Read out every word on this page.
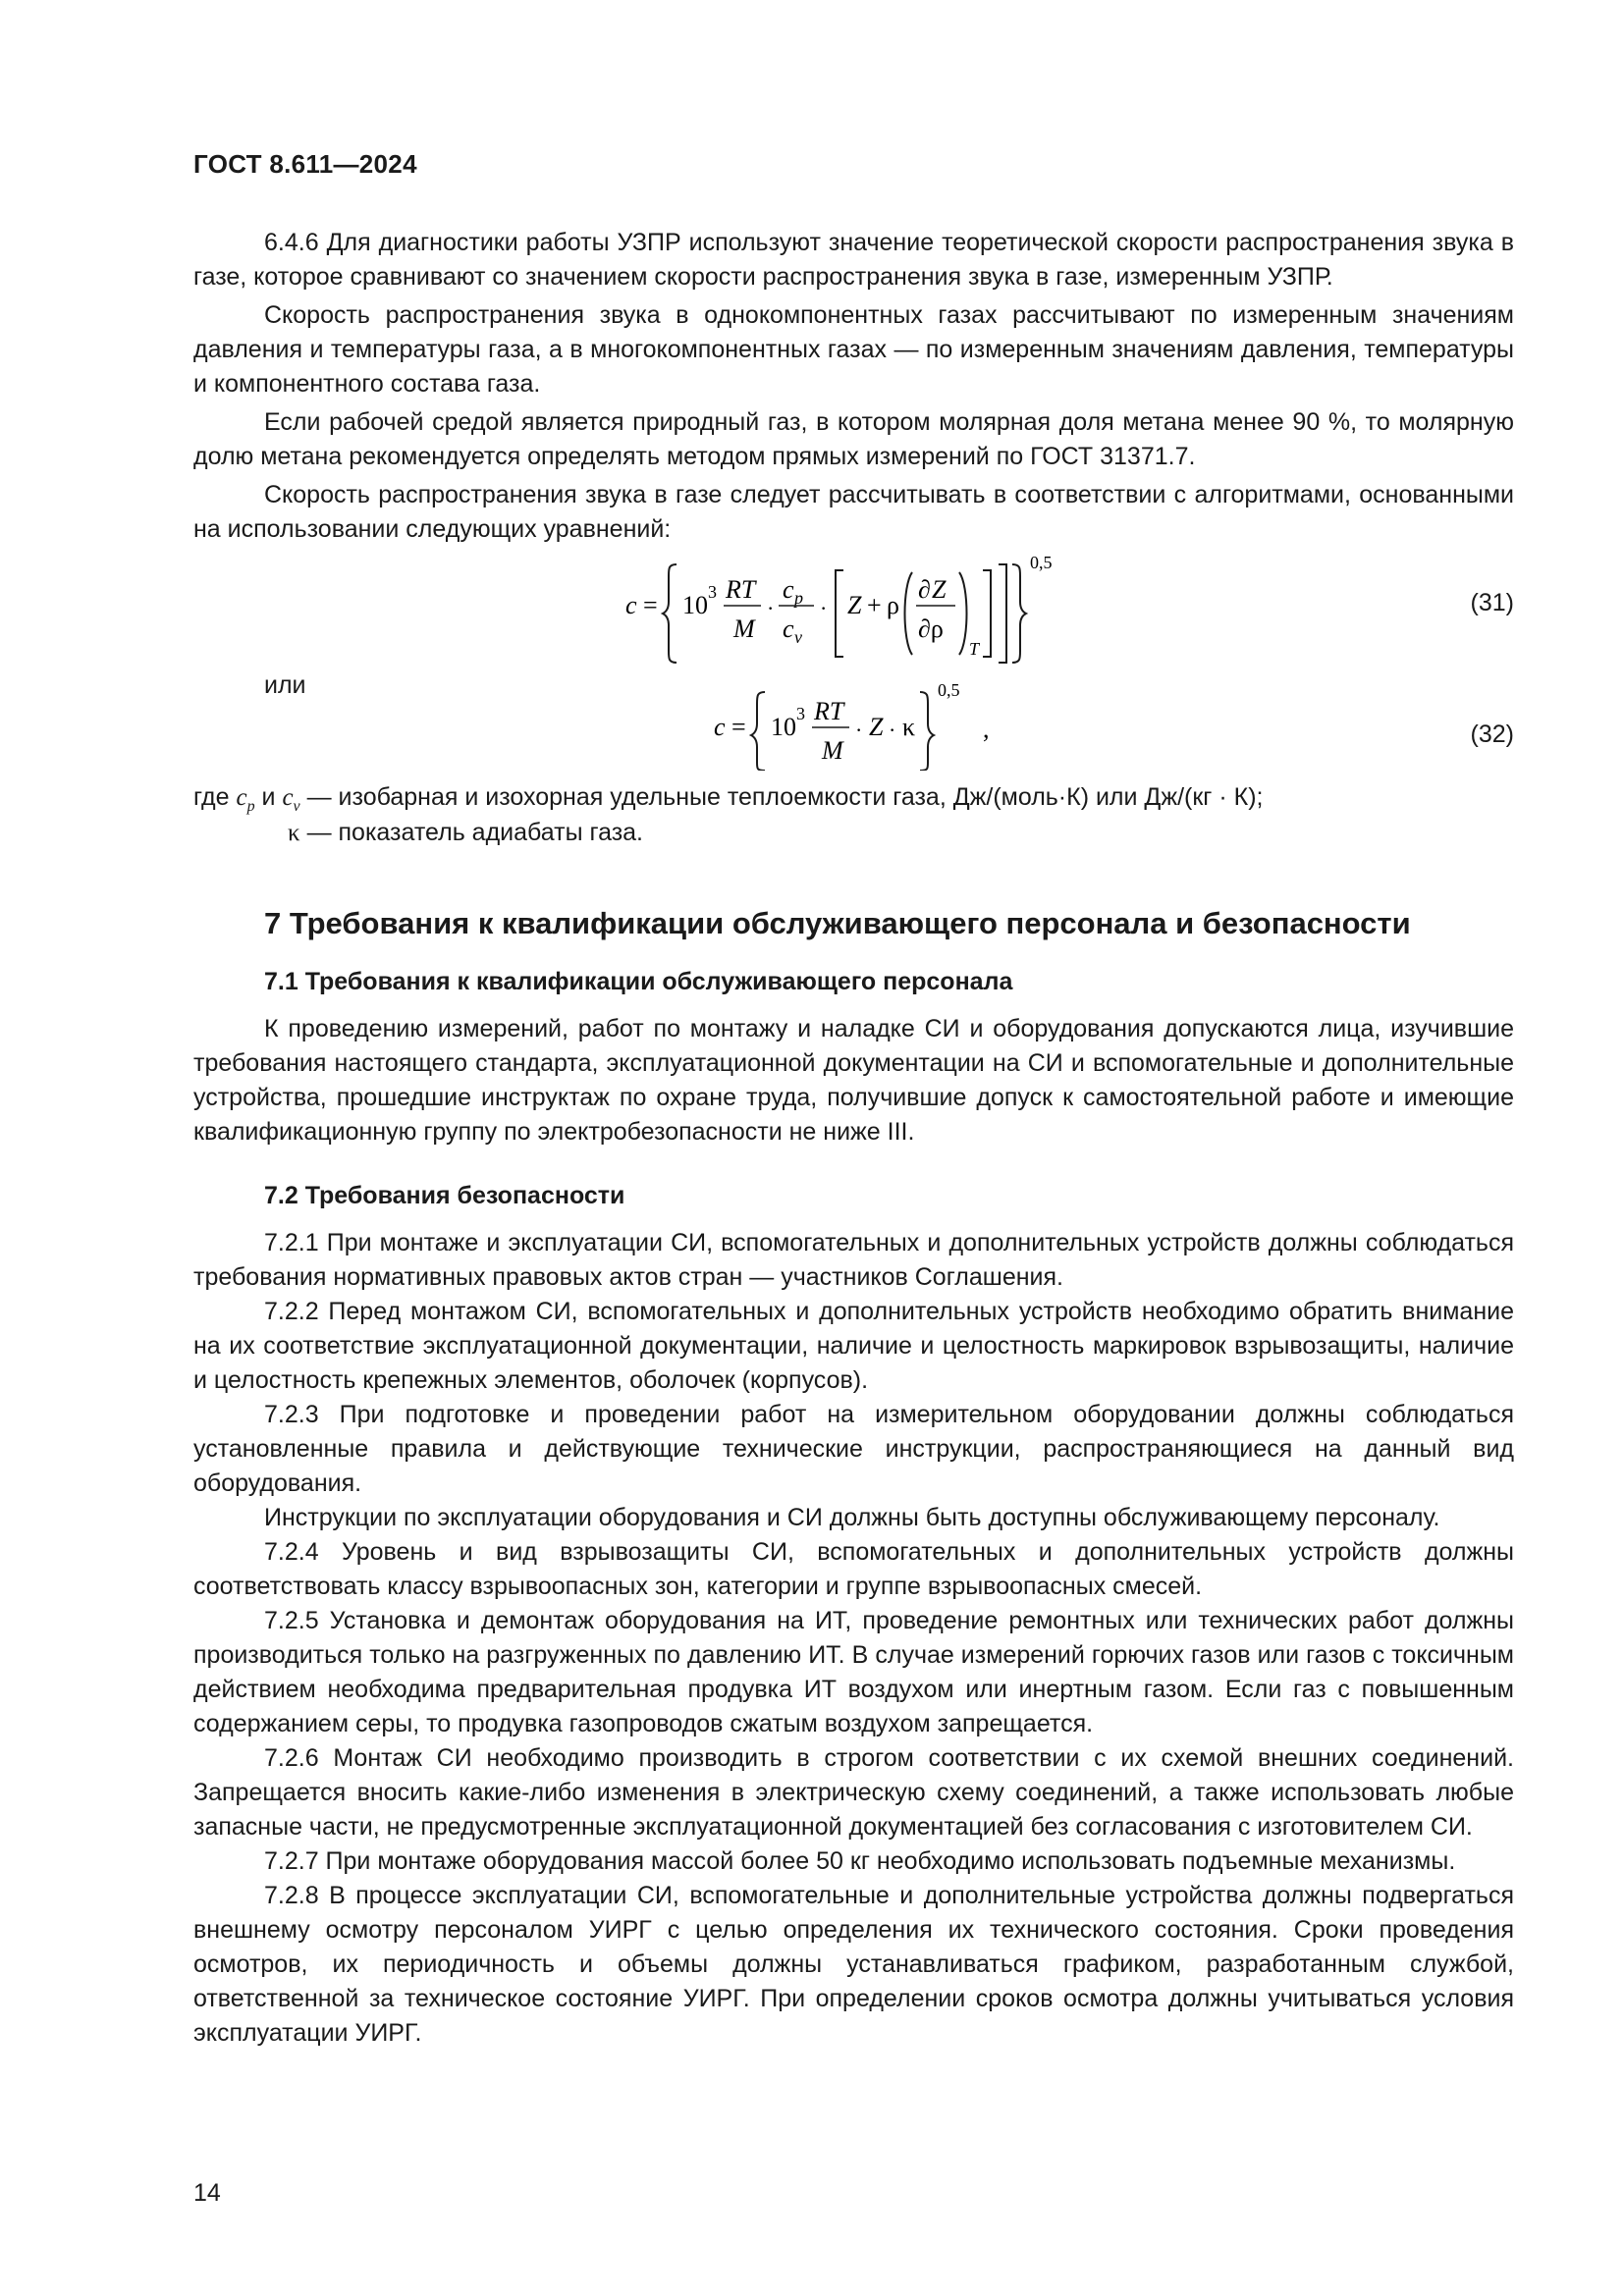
ГОСТ 8.611—2024

6.4.6 Для диагностики работы УЗПР используют значение теоретической скорости распространения звука в газе, которое сравнивают со значением скорости распространения звука в газе, измеренным УЗПР.

Скорость распространения звука в однокомпонентных газах рассчитывают по измеренным значениям давления и температуры газа, а в многокомпонентных газах — по измеренным значениям давления, температуры и компонентного состава газа.

Если рабочей средой является природный газ, в котором молярная доля метана менее 90 %, то молярную долю метана рекомендуется определять методом прямых измерений по ГОСТ 31371.7.

Скорость распространения звука в газе следует рассчитывать в соответствии с алгоритмами, основанными на использовании следующих уравнений:

c = 10 3 RT
M
·
c p
c v
· Z + ρ
∂ Z
∂ρ
T
0,5
(31)
или
c = 10 3 RT
M
· Z · κ
0,5
,	(32)
где $c_p$ и $c_v$ — изобарная и изохорная удельные теплоемкости газа, Дж/(моль·К) или Дж/(кг · К);
κ — показатель адиабаты газа.
7 Требования к квалификации обслуживающего персонала и безопасности
7.1 Требования к квалификации обслуживающего персонала

К проведению измерений, работ по монтажу и наладке СИ и оборудования допускаются лица, изучившие требования настоящего стандарта, эксплуатационной документации на СИ и вспомогательные и дополнительные устройства, прошедшие инструктаж по охране труда, получившие допуск к самостоятельной работе и имеющие квалификационную группу по электробезопасности не ниже III.

7.2 Требования безопасности

7.2.1 При монтаже и эксплуатации СИ, вспомогательных и дополнительных устройств должны соблюдаться требования нормативных правовых актов стран — участников Соглашения.

7.2.2 Перед монтажом СИ, вспомогательных и дополнительных устройств необходимо обратить внимание на их соответствие эксплуатационной документации, наличие и целостность маркировок взрывозащиты, наличие и целостность крепежных элементов, оболочек (корпусов).

7.2.3 При подготовке и проведении работ на измерительном оборудовании должны соблюдаться установленные правила и действующие технические инструкции, распространяющиеся на данный вид оборудования.

Инструкции по эксплуатации оборудования и СИ должны быть доступны обслуживающему персоналу.

7.2.4 Уровень и вид взрывозащиты СИ, вспомогательных и дополнительных устройств должны соответствовать классу взрывоопасных зон, категории и группе взрывоопасных смесей.

7.2.5 Установка и демонтаж оборудования на ИТ, проведение ремонтных или технических работ должны производиться только на разгруженных по давлению ИТ. В случае измерений горючих газов или газов с токсичным действием необходима предварительная продувка ИТ воздухом или инертным газом. Если газ с повышенным содержанием серы, то продувка газопроводов сжатым воздухом запрещается.

7.2.6 Монтаж СИ необходимо производить в строгом соответствии с их схемой внешних соединений. Запрещается вносить какие-либо изменения в электрическую схему соединений, а также использовать любые запасные части, не предусмотренные эксплуатационной документацией без согласования с изготовителем СИ.

7.2.7 При монтаже оборудования массой более 50 кг необходимо использовать подъемные механизмы.

7.2.8 В процессе эксплуатации СИ, вспомогательные и дополнительные устройства должны подвергаться внешнему осмотру персоналом УИРГ с целью определения их технического состояния. Сроки проведения осмотров, их периодичность и объемы должны устанавливаться графиком, разработанным службой, ответственной за техническое состояние УИРГ. При определении сроков осмотра должны учитываться условия эксплуатации УИРГ.

14
